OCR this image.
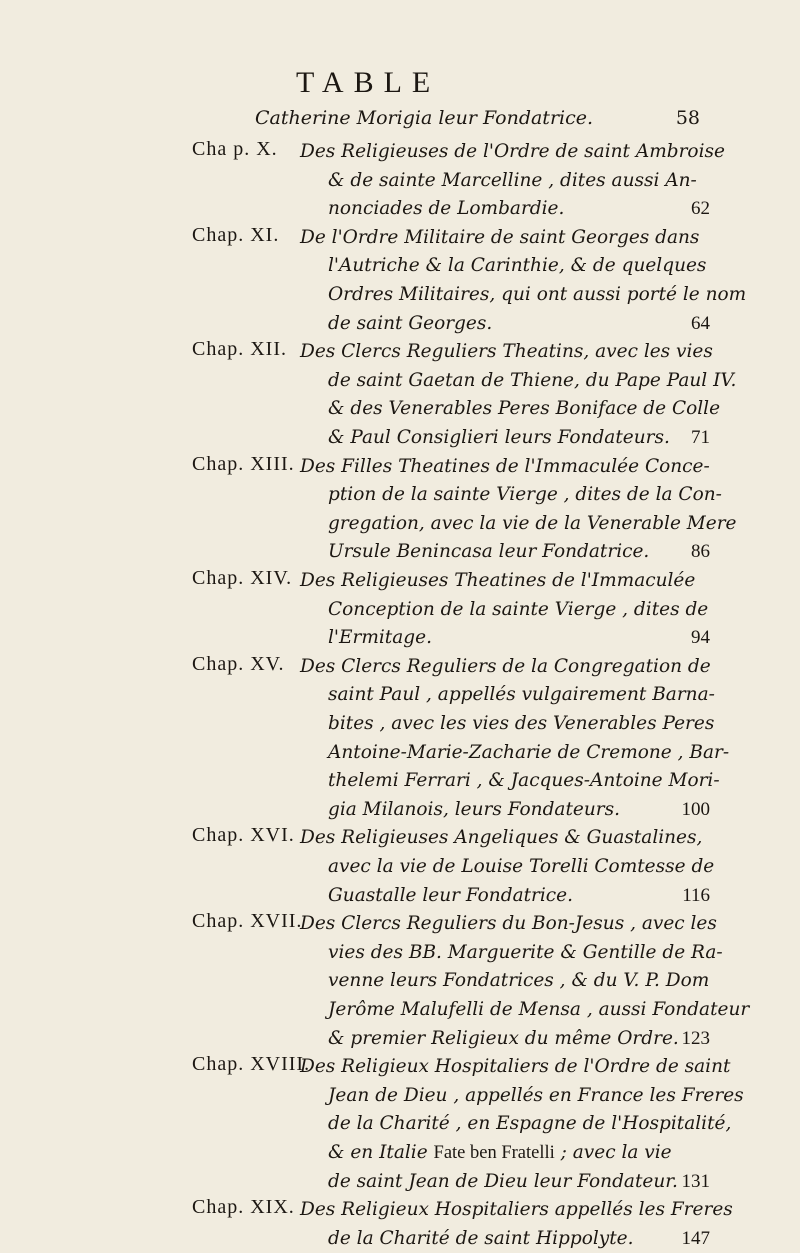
TABLE
Catherine Morigia leur Fondatrice.	58
Cha p. X. Des Religieuses de l'Ordre de saint Ambroise
& de sainte Marcelline , dites aussi An-
nonciades de Lombardie.	62
Chap. XI. De l'Ordre Militaire de saint Georges dans
l'Autriche & la Carinthie, & de quelques
Ordres Militaires, qui ont aussi porté le nom
de saint Georges.	64
Chap. XII. Des Clercs Reguliers Theatins, avec les vies
de saint Gaetan de Thiene, du Pape Paul IV.
& des Venerables Peres Boniface de Colle
& Paul Consiglieri leurs Fondateurs. 71
Chap. XIII. Des Filles Theatines de l'Immaculée Conce-
ption de la sainte Vierge , dites de la Con-
gregation, avec la vie de la Venerable Mere
Ursule Benincasa leur Fondatrice. 86
Chap. XIV. Des Religieuses Theatines de l'Immaculée
Conception de la sainte Vierge , dites de
l'Ermitage.	94
Chap. XV. Des Clercs Reguliers de la Congregation de
saint Paul , appellés vulgairement Barna-
bites , avec les vies des Venerables Peres
Antoine-Marie-Zacharie de Cremone , Bar-
thelemi Ferrari , & Jacques-Antoine Mori-
gia Milanois, leurs Fondateurs.	100
Chap. XVI. Des Religieuses Angeliques & Guastalines,
avec la vie de Louise Torelli Comtesse de
Guastalle leur Fondatrice.	116
Chap. XVII.
Des Clercs Reguliers du Bon-Jesus , avec les
vies des BB. Marguerite & Gentille de Ra-
venne leurs Fondatrices , & du V. P. Dom
Jerôme Malufelli de Mensa , aussi Fondateur
& premier Religieux du même Ordre. 123
Chap. XVIII.
Des Religieux Hospitaliers de l'Ordre de saint
Jean de Dieu , appellés en France les Freres
de la Charité , en Espagne de l'Hospitalité,
& en Italie Fate ben Fratelli ; avec la vie
de saint Jean de Dieu leur Fondateur. 131
Chap. XIX. Des Religieux Hospitaliers appellés les Freres
de la Charité de saint Hippolyte.	147
